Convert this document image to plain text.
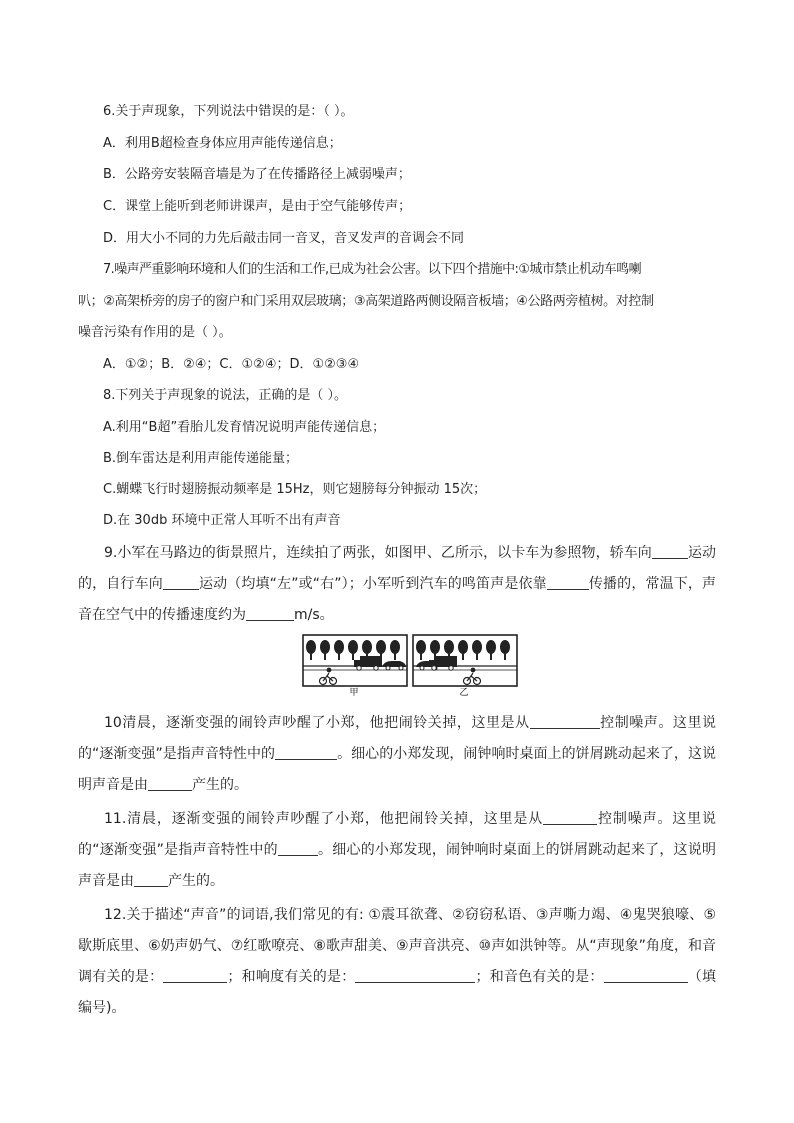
6.关于声现象，下列说法中错误的是：（ ）。
A．利用B超检查身体应用声能传递信息；
B．公路旁安装隔音墙是为了在传播路径上减弱噪声；
C．课堂上能听到老师讲课声，是由于空气能够传声；
D．用大小不同的力先后敲击同一音叉，音叉发声的音调会不同
7.噪声严重影响环境和人们的生活和工作,已成为社会公害。以下四个措施中:①城市禁止机动车鸣喇
叭；②高架桥旁的房子的窗户和门采用双层玻璃；③高架道路两侧设隔音板墙；④公路两旁植树。对控制
噪音污染有作用的是（ ）。
A．①②；B．②④；C．①②④；D．①②③④
8.下列关于声现象的说法，正确的是（ ）。
A.利用“B超”看胎儿发育情况说明声能传递信息；
B.倒车雷达是利用声能传递能量；
C.蝴蝶飞行时翅膀振动频率是 15Hz，则它翅膀每分钟振动 15次；
D.在 30db 环境中正常人耳听不出有声音
9.小军在马路边的街景照片，连续拍了两张，如图甲、乙所示，以卡车为参照物，轿车向	运动的，自行车向	运动（均填“左”或“右”）；小军听到汽车的鸣笛声是依靠	传播的，常温下，声音在空气中的传播速度约为	m/s。
甲	乙
10清晨，逐渐变强的闹铃声吵醒了小郑，他把闹铃关掉，这里是从	控制噪声。这里说的“逐渐变强”是指声音特性中的	。细心的小郑发现，闹钟响时桌面上的饼屑跳动起来了，这说明声音是由	产生的。
11.清晨，逐渐变强的闹铃声吵醒了小郑，他把闹铃关掉，这里是从	控制噪声。这里说的“逐渐变强”是指声音特性中的	。细心的小郑发现，闹钟响时桌面上的饼屑跳动起来了，这说明声音是由 产生的。
12.关于描述“声音”的词语,我们常见的有: ①震耳欲聋、②窃窃私语、③声嘶力竭、④鬼哭狼嚎、⑤歇斯底里、⑥奶声奶气、⑦红歌嘹亮、⑧歌声甜美、⑨声音洪亮、⑩声如洪钟等。从“声现象”角度，和音调有关的是：	；和响度有关的是：	；和音色有关的是：	（填编号)。
